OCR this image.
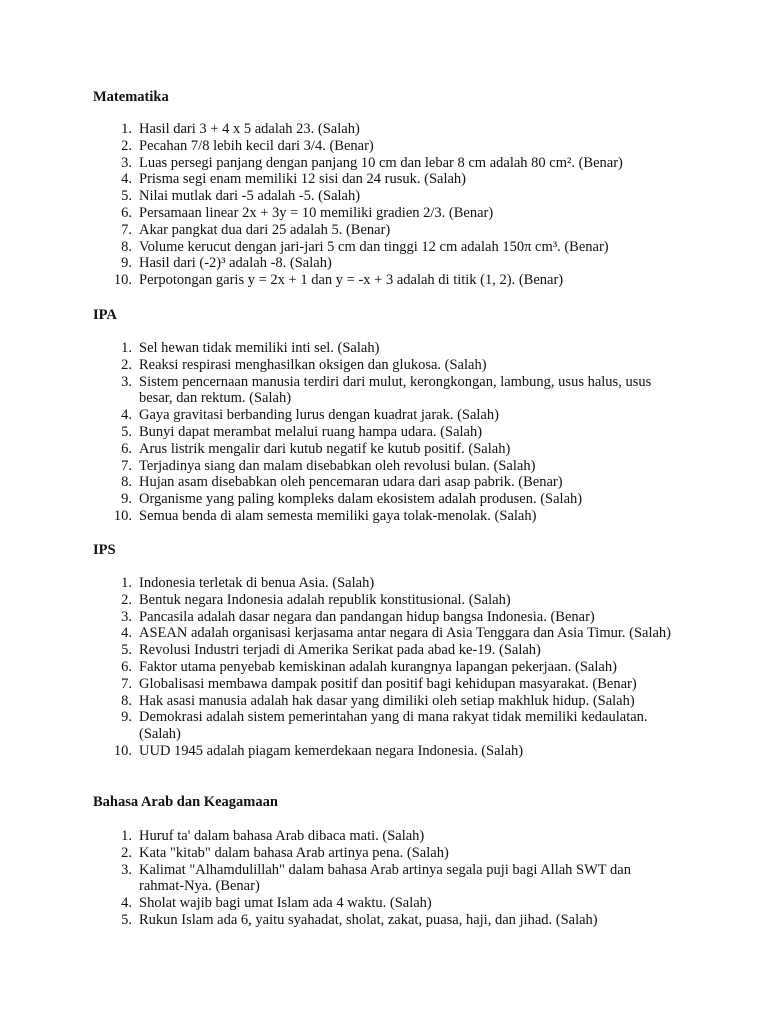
Matematika
1. Hasil dari 3 + 4 x 5 adalah 23. (Salah)
2. Pecahan 7/8 lebih kecil dari 3/4. (Benar)
3. Luas persegi panjang dengan panjang 10 cm dan lebar 8 cm adalah 80 cm². (Benar)
4. Prisma segi enam memiliki 12 sisi dan 24 rusuk. (Salah)
5. Nilai mutlak dari -5 adalah -5. (Salah)
6. Persamaan linear 2x + 3y = 10 memiliki gradien 2/3. (Benar)
7. Akar pangkat dua dari 25 adalah 5. (Benar)
8. Volume kerucut dengan jari-jari 5 cm dan tinggi 12 cm adalah 150π cm³. (Benar)
9. Hasil dari (-2)³ adalah -8. (Salah)
10. Perpotongan garis y = 2x + 1 dan y = -x + 3 adalah di titik (1, 2). (Benar)
IPA
1. Sel hewan tidak memiliki inti sel. (Salah)
2. Reaksi respirasi menghasilkan oksigen dan glukosa. (Salah)
3. Sistem pencernaan manusia terdiri dari mulut, kerongkongan, lambung, usus halus, usus besar, dan rektum. (Salah)
4. Gaya gravitasi berbanding lurus dengan kuadrat jarak. (Salah)
5. Bunyi dapat merambat melalui ruang hampa udara. (Salah)
6. Arus listrik mengalir dari kutub negatif ke kutub positif. (Salah)
7. Terjadinya siang dan malam disebabkan oleh revolusi bulan. (Salah)
8. Hujan asam disebabkan oleh pencemaran udara dari asap pabrik. (Benar)
9. Organisme yang paling kompleks dalam ekosistem adalah produsen. (Salah)
10. Semua benda di alam semesta memiliki gaya tolak-menolak. (Salah)
IPS
1. Indonesia terletak di benua Asia. (Salah)
2. Bentuk negara Indonesia adalah republik konstitusional. (Salah)
3. Pancasila adalah dasar negara dan pandangan hidup bangsa Indonesia. (Benar)
4. ASEAN adalah organisasi kerjasama antar negara di Asia Tenggara dan Asia Timur. (Salah)
5. Revolusi Industri terjadi di Amerika Serikat pada abad ke-19. (Salah)
6. Faktor utama penyebab kemiskinan adalah kurangnya lapangan pekerjaan. (Salah)
7. Globalisasi membawa dampak positif dan positif bagi kehidupan masyarakat. (Benar)
8. Hak asasi manusia adalah hak dasar yang dimiliki oleh setiap makhluk hidup. (Salah)
9. Demokrasi adalah sistem pemerintahan yang di mana rakyat tidak memiliki kedaulatan. (Salah)
10. UUD 1945 adalah piagam kemerdekaan negara Indonesia. (Salah)
Bahasa Arab dan Keagamaan
1. Huruf ta' dalam bahasa Arab dibaca mati. (Salah)
2. Kata "kitab" dalam bahasa Arab artinya pena. (Salah)
3. Kalimat "Alhamdulillah" dalam bahasa Arab artinya segala puji bagi Allah SWT dan rahmat-Nya. (Benar)
4. Sholat wajib bagi umat Islam ada 4 waktu. (Salah)
5. Rukun Islam ada 6, yaitu syahadat, sholat, zakat, puasa, haji, dan jihad. (Salah)
